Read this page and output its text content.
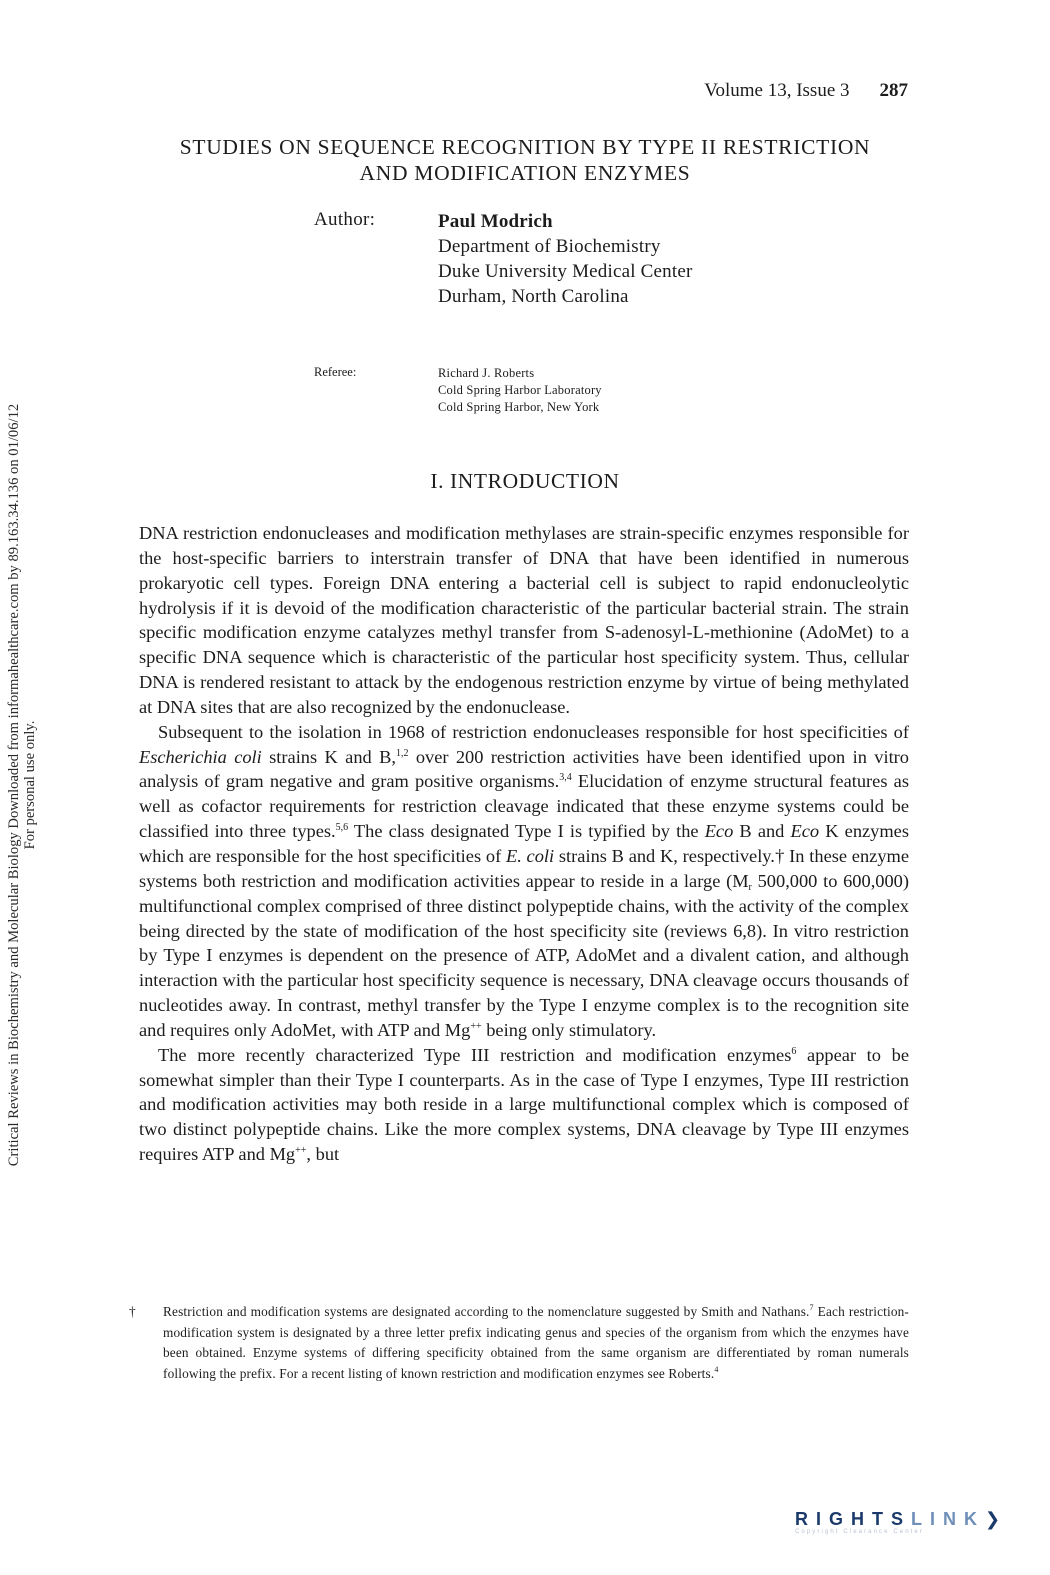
Volume 13, Issue 3 287
STUDIES ON SEQUENCE RECOGNITION BY TYPE II RESTRICTION
AND MODIFICATION ENZYMES
Author:	Paul Modrich
Department of Biochemistry
Duke University Medical Center
Durham, North Carolina
Referee:	Richard J. Roberts
Cold Spring Harbor Laboratory
Cold Spring Harbor, New York
I. INTRODUCTION

DNA restriction endonucleases and modification methylases are strain-specific enzymes responsible for the host-specific barriers to interstrain transfer of DNA that have been identified in numerous prokaryotic cell types. Foreign DNA entering a bacterial cell is subject to rapid endonucleolytic hydrolysis if it is devoid of the modification characteristic of the particular bacterial strain. The strain specific modification enzyme catalyzes methyl transfer from S-adenosyl-L-methionine (AdoMet) to a specific DNA sequence which is characteristic of the particular host specificity system. Thus, cellular DNA is rendered resistant to attack by the endogenous restriction enzyme by virtue of being methylated at DNA sites that are also recognized by the endonuclease.

Subsequent to the isolation in 1968 of restriction endonucleases responsible for host specificities of Escherichia coli strains K and B,$^{1,2}$ over 200 restriction activities have been identified upon in vitro analysis of gram negative and gram positive organisms.$^{3,4}$ Elucidation of enzyme structural features as well as cofactor requirements for restriction cleavage indicated that these enzyme systems could be classified into three types.$^{5,6}$ The class designated Type I is typified by the Eco B and Eco K enzymes which are responsible for the host specificities of E. coli strains B and K, respectively.† In these enzyme systems both restriction and modification activities appear to reside in a large ($M_r$ 500,000 to 600,000) multifunctional complex comprised of three distinct polypeptide chains, with the activity of the complex being directed by the state of modification of the host specificity site (reviews 6,8). In vitro restriction by Type I enzymes is dependent on the presence of ATP, AdoMet and a divalent cation, and although interaction with the particular host specificity sequence is necessary, DNA cleavage occurs thousands of nucleotides away. In contrast, methyl transfer by the Type I enzyme complex is to the recognition site and requires only AdoMet, with ATP and Mg++ being only stimulatory.

The more recently characterized Type III restriction and modification enzymes$^6$ appear to be somewhat simpler than their Type I counterparts. As in the case of Type I enzymes, Type III restriction and modification activities may both reside in a large multifunctional complex which is composed of two distinct polypeptide chains. Like the more complex systems, DNA cleavage by Type III enzymes requires ATP and Mg++, but

† Restriction and modification systems are designated according to the nomenclature suggested by Smith and Nathans.$^7$ Each restriction-modification system is designated by a three letter prefix indicating genus and species of the organism from which the enzymes have been obtained. Enzyme systems of differing specificity obtained from the same organism are differentiated by roman numerals following the prefix. For a recent listing of known restriction and modification enzymes see Roberts.$^4$
Critical Reviews in Biochemistry and Molecular Biology Downloaded from informahealthcare.com by 89.163.34.136 on 01/06/12 For personal use only.
RIGHTSLINK❯
Copyright Clearance Center
